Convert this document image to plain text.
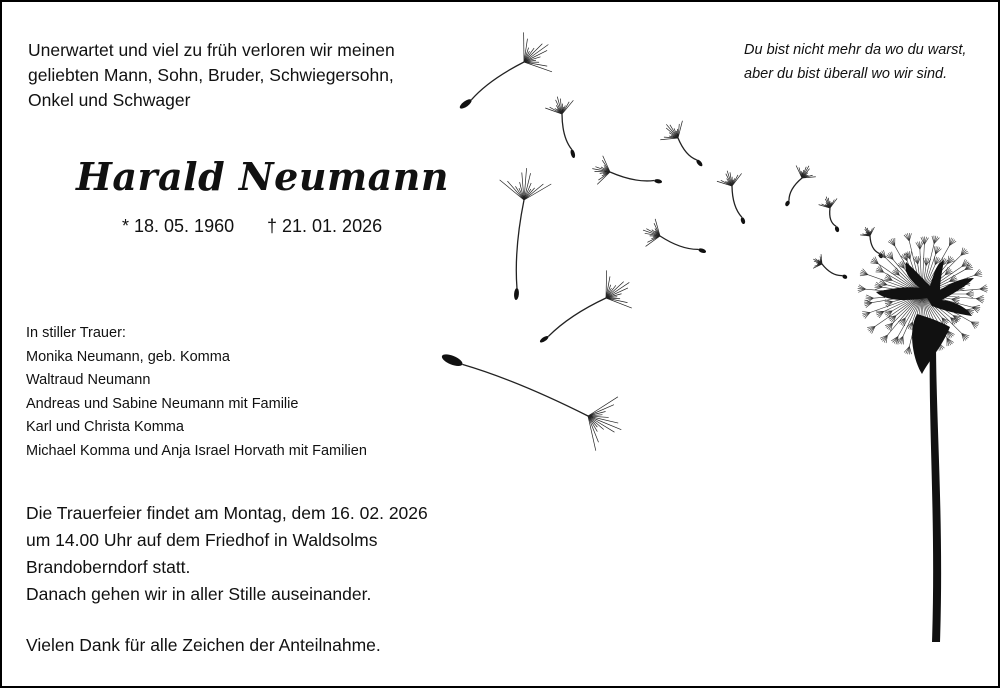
Unerwartet und viel zu früh verloren wir meinen
geliebten Mann, Sohn, Bruder, Schwiegersohn,
Onkel und Schwager
Harald Neumann
* 18. 05. 1960 † 21. 01. 2026
In stiller Trauer:
Monika Neumann, geb. Komma
Waltraud Neumann
Andreas und Sabine Neumann mit Familie
Karl und Christa Komma
Michael Komma und Anja Israel Horvath mit Familien
Die Trauerfeier findet am Montag, dem 16. 02. 2026
um 14.00 Uhr auf dem Friedhof in Waldsolms
Brandoberndorf statt.
Danach gehen wir in aller Stille auseinander.
Vielen Dank für alle Zeichen der Anteilnahme.
Du bist nicht mehr da wo du warst,
aber du bist überall wo wir sind.
